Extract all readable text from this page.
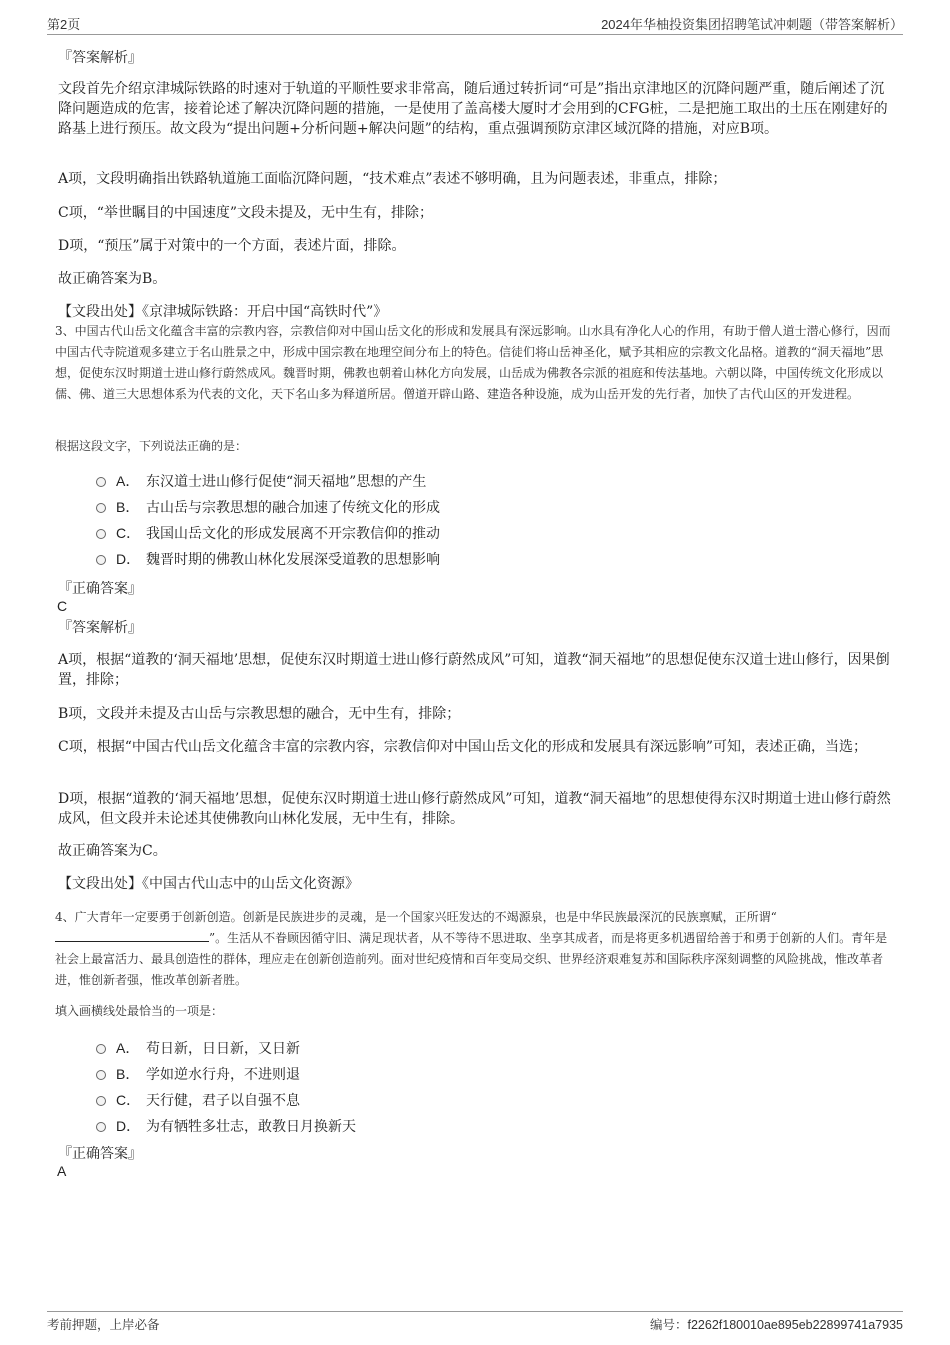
第2页	2024年华柚投资集团招聘笔试冲刺题（带答案解析）
『答案解析』
文段首先介绍京津城际铁路的时速对于轨道的平顺性要求非常高，随后通过转折词“可是”指出京津地区的沉降问题严重，随后阐述了沉降问题造成的危害，接着论述了解决沉降问题的措施，一是使用了盖高楼大厦时才会用到的CFG桩，二是把施工取出的土压在刚建好的路基上进行预压。故文段为“提出问题+分析问题+解决问题”的结构，重点强调预防京津区域沉降的措施，对应B项。
A项，文段明确指出铁路轨道施工面临沉降问题，“技术难点”表述不够明确，且为问题表述，非重点，排除；
C项，“举世瞩目的中国速度”文段未提及，无中生有，排除；
D项，“预压”属于对策中的一个方面，表述片面，排除。
故正确答案为B。
【文段出处】《京津城际铁路：开启中国“高铁时代”》
3、中国古代山岳文化蕴含丰富的宗教内容，宗教信仰对中国山岳文化的形成和发展具有深远影响。山水具有净化人心的作用，有助于僧人道士潜心修行，因而中国古代寺院道观多建立于名山胜景之中，形成中国宗教在地理空间分布上的特色。信徒们将山岳神圣化，赋予其相应的宗教文化品格。道教的“洞天福地”思想，促使东汉时期道士进山修行蔚然成风。魏晋时期，佛教也朝着山林化方向发展，山岳成为佛教各宗派的祖庭和传法基地。六朝以降，中国传统文化形成以儒、佛、道三大思想体系为代表的文化，天下名山多为释道所居。僧道开辟山路、建造各种设施，成为山岳开发的先行者，加快了古代山区的开发进程。
根据这段文字，下列说法正确的是：
A． 东汉道士进山修行促使“洞天福地”思想的产生
B． 古山岳与宗教思想的融合加速了传统文化的形成
C． 我国山岳文化的形成发展离不开宗教信仰的推动
D． 魏晋时期的佛教山林化发展深受道教的思想影响
『正确答案』
C
『答案解析』
A项，根据“道教的‘洞天福地’思想，促使东汉时期道士进山修行蔚然成风”可知，道教“洞天福地”的思想促使东汉道士进山修行，因果倒置，排除；
B项，文段并未提及古山岳与宗教思想的融合，无中生有，排除；
C项，根据“中国古代山岳文化蕴含丰富的宗教内容，宗教信仰对中国山岳文化的形成和发展具有深远影响”可知，表述正确，当选；
D项，根据“道教的‘洞天福地’思想，促使东汉时期道士进山修行蔚然成风”可知，道教“洞天福地”的思想使得东汉时期道士进山修行蔚然成风，但文段并未论述其使佛教向山林化发展，无中生有，排除。
故正确答案为C。
【文段出处】《中国古代山志中的山岳文化资源》
4、广大青年一定要勇于创新创造。创新是民族进步的灵魂，是一个国家兴旺发达的不竭源泉，也是中华民族最深沉的民族禀赋，正所谓“”。生活从不眷顾因循守旧、满足现状者，从不等待不思进取、坐享其成者，而是将更多机遇留给善于和勇于创新的人们。青年是社会上最富活力、最具创造性的群体，理应走在创新创造前列。面对世纪疫情和百年变局交织、世界经济艰难复苏和国际秩序深刻调整的风险挑战，惟改革者进，惟创新者强，惟改革创新者胜。
填入画横线处最恰当的一项是：
A． 苟日新，日日新，又日新
B． 学如逆水行舟，不进则退
C． 天行健，君子以自强不息
D． 为有牺牲多壮志，敢教日月换新天
『正确答案』
A
考前押题，上岸必备	编号：f2262f180010ae895eb22899741a7935
